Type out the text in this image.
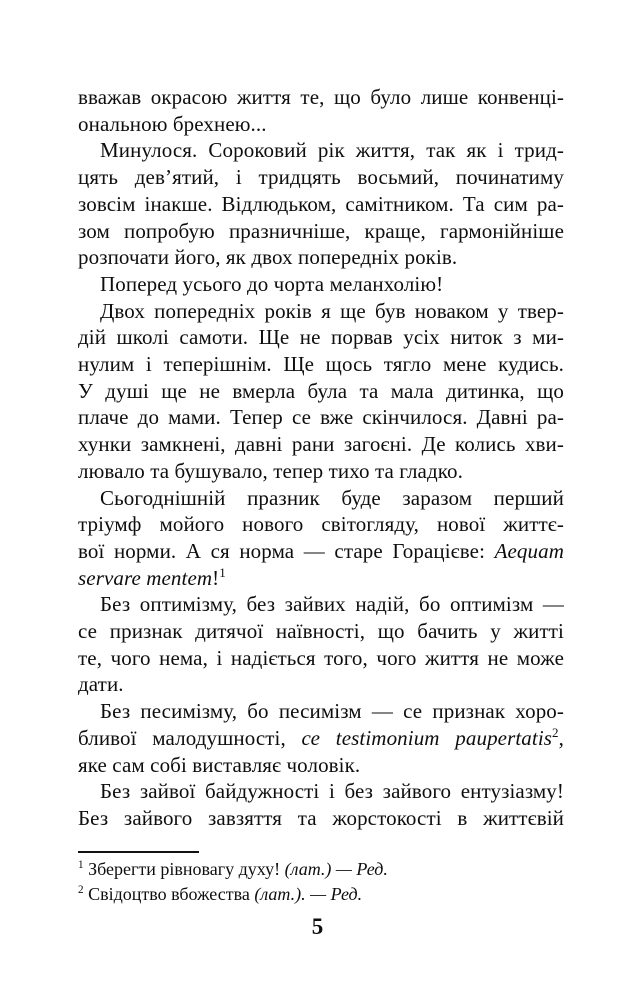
вважав окрасою життя те, що було лише конвенці-
ональною брехнею...
Минулося. Сороковий рік життя, так як і трид-
цять дев’ятий, і тридцять восьмий, починатиму
зовсім інакше. Відлюдьком, самітником. Та сим ра-
зом попробую празничніше, краще, гармонійніше
розпочати його, як двох попередніх років.
Поперед усього до чорта меланхолію!
Двох попередніх років я ще був новаком у твер-
дій школі самоти. Ще не порвав усіх ниток з ми-
нулим і теперішнім. Ще щось тягло мене кудись.
У душі ще не вмерла була та мала дитинка, що
плаче до мами. Тепер се вже скінчилося. Давні ра-
хунки замкнені, давні рани загоєні. Де колись хви-
лювало та бушувало, тепер тихо та гладко.
Сьогоднішній празник буде заразом перший
тріумф мойого нового світогляду, нової життє-
вої норми. А ся норма — старе Горацієве: Aequam
servare mentem!$^1$
Без оптимізму, без зайвих надій, бо оптимізм —
се признак дитячої наївності, що бачить у житті
те, чого нема, і надіється того, чого життя не може
дати.
Без песимізму, бо песимізм — се признак хоро-
бливої малодушності, се testimonium paupertatis$^2$,
яке сам собі виставляє чоловік.
Без зайвої байдужності і без зайвого ентузіазму!
Без зайвого завзяття та жорстокості в життєвій
$^1$ Зберегти рівновагу духу! (лат.) — Ред.
$^2$ Свідоцтво вбожества (лат.). — Ред.
5
